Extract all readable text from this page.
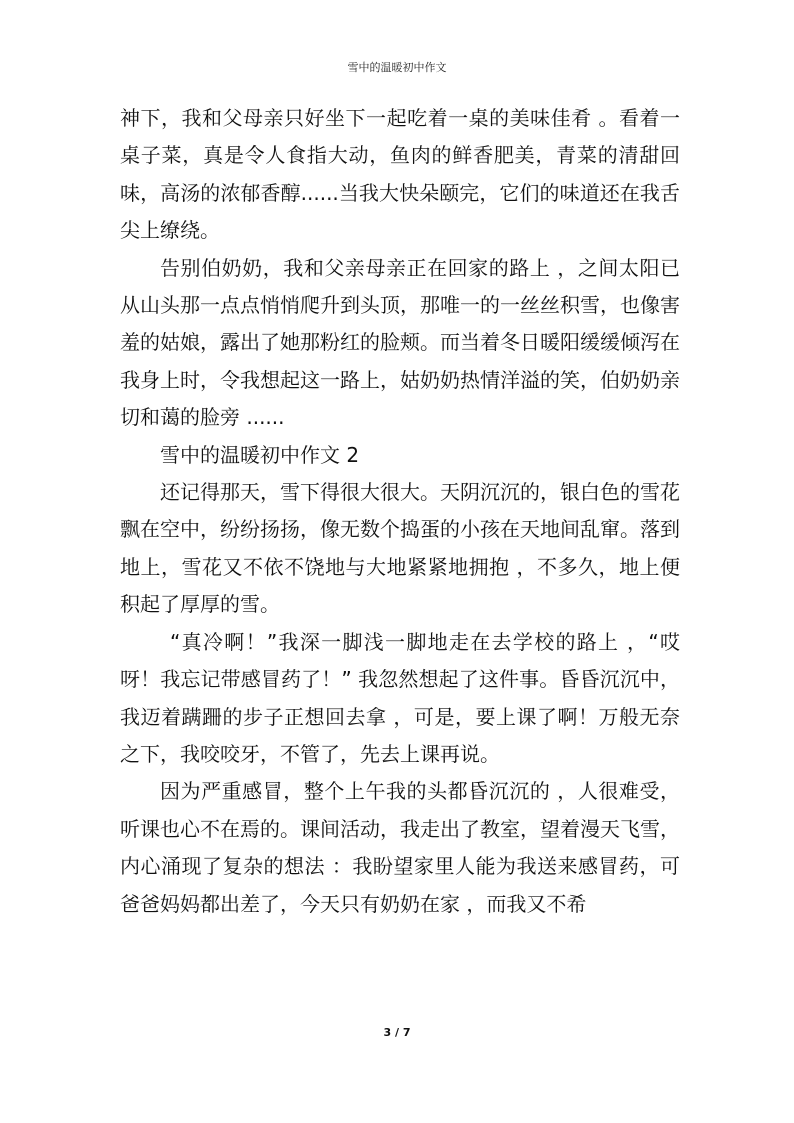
雪中的温暖初中作文

神下，我和父母亲只好坐下一起吃着一桌的美味佳肴 。看着一桌子菜，真是令人食指大动，鱼肉的鲜香肥美，青菜的清甜回味，高汤的浓郁香醇......当我大快朵颐完，它们的味道还在我舌尖上缭绕。

告别伯奶奶，我和父亲母亲正在回家的路上 ，之间太阳已从山头那一点点悄悄爬升到头顶，那唯一的一丝丝积雪，也像害羞的姑娘，露出了她那粉红的脸颊。而当着冬日暖阳缓缓倾泻在我身上时，令我想起这一路上，姑奶奶热情洋溢的笑，伯奶奶亲切和蔼的脸旁 ......

雪中的温暖初中作文 2

还记得那天，雪下得很大很大。天阴沉沉的，银白色的雪花飘在空中，纷纷扬扬，像无数个捣蛋的小孩在天地间乱窜。落到地上，雪花又不依不饶地与大地紧紧地拥抱 ，不多久，地上便积起了厚厚的雪。

“真冷啊！”我深一脚浅一脚地走在去学校的路上 ，“哎呀！我忘记带感冒药了！” 我忽然想起了这件事。昏昏沉沉中，我迈着蹒跚的步子正想回去拿 ，可是，要上课了啊！万般无奈之下，我咬咬牙，不管了，先去上课再说。

因为严重感冒，整个上午我的头都昏沉沉的 ，人很难受，听课也心不在焉的。课间活动，我走出了教室，望着漫天飞雪，内心涌现了复杂的想法 ：我盼望家里人能为我送来感冒药，可爸爸妈妈都出差了，今天只有奶奶在家 ，而我又不希

3 / 7
